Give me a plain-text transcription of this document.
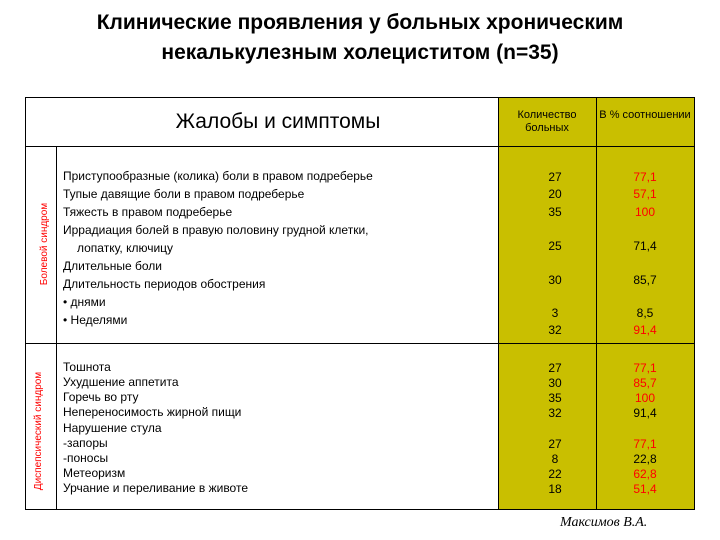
Клинические проявления у больных хроническим
некалькулезным холециститом (n=35)
Жалобы и симптомы	Количество больных
В % соотношении
Болевой синдром
Диспепсический синдром
Приступообразные (колика) боли в правом подреберье
Тупые давящие боли в правом подреберье
Тяжесть в правом подреберье
Иррадиация болей в правую половину грудной клетки,
лопатку, ключицу
Длительные боли
Длительность периодов обострения
• днями
• Неделями
27
20
35
25
30
3
32
77,1
57,1
100
71,4
85,7
8,5
91,4
Тошнота
Ухудшение аппетита
Горечь во рту
Непереносимость жирной пищи
Нарушение стула
-запоры
-поносы
Метеоризм
Урчание и переливание в животе
27
30
35
32
27
8
22
18
77,1
85,7
100
91,4
77,1
22,8
62,8
51,4
Максимов В.А.
